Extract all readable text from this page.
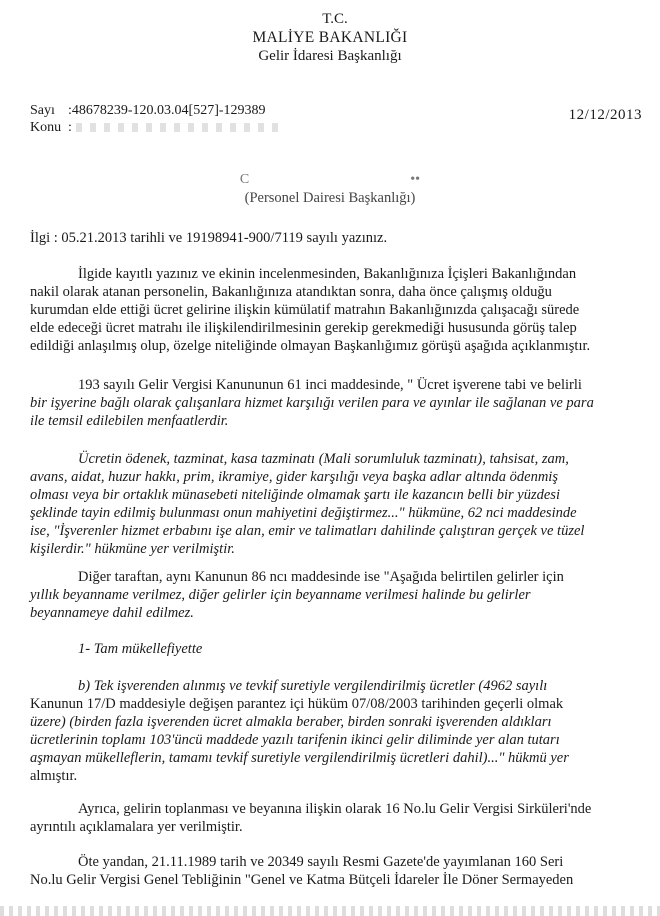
T.C.
MALİYE BAKANLIĞI
Gelir İdaresi Başkanlığı
Sayı :48678239-120.03.04[527]-129389
Konu :
12/12/2013
C                                              ••
(Personel Dairesi Başkanlığı)
İlgi : 05.21.2013 tarihli ve 19198941-900/7119 sayılı yazınız.
İlgide kayıtlı yazınız ve ekinin incelenmesinden, Bakanlığınıza İçişleri Bakanlığından
nakil olarak atanan personelin, Bakanlığınıza atandıktan sonra, daha önce çalışmış olduğu
kurumdan elde ettiği ücret gelirine ilişkin kümülatif matrahın Bakanlığınızda çalışacağı sürede
elde edeceği ücret matrahı ile ilişkilendirilmesinin gerekip gerekmediği hususunda görüş talep
edildiği anlaşılmış olup, özelge niteliğinde olmayan Başkanlığımız görüşü aşağıda açıklanmıştır.
193 sayılı Gelir Vergisi Kanununun 61 inci maddesinde, " Ücret işverene tabi ve belirli
bir işyerine bağlı olarak çalışanlara hizmet karşılığı verilen para ve ayınlar ile sağlanan ve para
ile temsil edilebilen menfaatlerdir.
Ücretin ödenek, tazminat, kasa tazminatı (Mali sorumluluk tazminatı), tahsisat, zam,
avans, aidat, huzur hakkı, prim, ikramiye, gider karşılığı veya başka adlar altında ödenmiş
olması veya bir ortaklık münasebeti niteliğinde olmamak şartı ile kazancın belli bir yüzdesi
şeklinde tayin edilmiş bulunması onun mahiyetini değiştirmez..." hükmüne, 62 nci maddesinde
ise, "İşverenler hizmet erbabını işe alan, emir ve talimatları dahilinde çalıştıran gerçek ve tüzel
kişilerdir." hükmüne yer verilmiştir.
Diğer taraftan, aynı Kanunun 86 ncı maddesinde ise "Aşağıda belirtilen gelirler için
yıllık beyanname verilmez, diğer gelirler için beyanname verilmesi halinde bu gelirler
beyannameye dahil edilmez.
1- Tam mükellefiyette
b) Tek işverenden alınmış ve tevkif suretiyle vergilendirilmiş ücretler (4962 sayılı
Kanunun 17/D maddesiyle değişen parantez içi hüküm 07/08/2003 tarihinden geçerli olmak
üzere) (birden fazla işverenden ücret almakla beraber, birden sonraki işverenden aldıkları
ücretlerinin toplamı 103'üncü maddede yazılı tarifenin ikinci gelir diliminde yer alan tutarı
aşmayan mükelleflerin, tamamı tevkif suretiyle vergilendirilmiş ücretleri dahil)..." hükmü yer
almıştır.
Ayrıca, gelirin toplanması ve beyanına ilişkin olarak 16 No.lu Gelir Vergisi Sirküleri'nde
ayrıntılı açıklamalara yer verilmiştir.
Öte yandan, 21.11.1989 tarih ve 20349 sayılı Resmi Gazete'de yayımlanan 160 Seri
No.lu Gelir Vergisi Genel Tebliğinin "Genel ve Katma Bütçeli İdareler İle Döner Sermayeden
